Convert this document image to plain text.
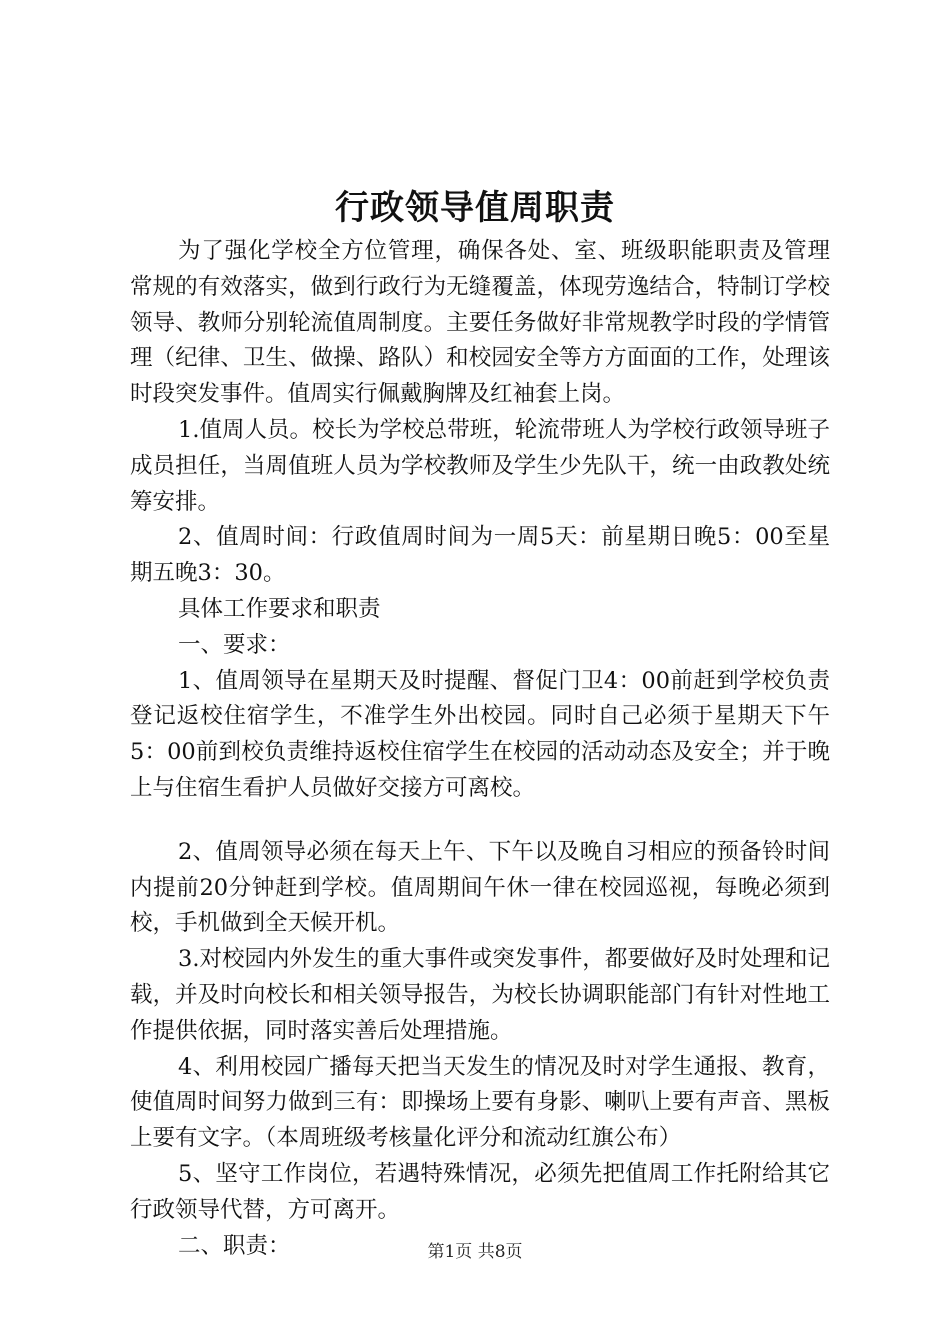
行政领导值周职责

为了强化学校全方位管理，确保各处、室、班级职能职责及管理常规的有效落实，做到行政行为无缝覆盖，体现劳逸结合，特制订学校领导、教师分别轮流值周制度。主要任务做好非常规教学时段的学情管理（纪律、卫生、做操、路队）和校园安全等方方面面的工作，处理该时段突发事件。值周实行佩戴胸牌及红袖套上岗。

1.值周人员。校长为学校总带班，轮流带班人为学校行政领导班子成员担任，当周值班人员为学校教师及学生少先队干，统一由政教处统筹安排。

2、值周时间：行政值周时间为一周5天：前星期日晚5：00至星期五晚3：30。

具体工作要求和职责

一、要求：

1、值周领导在星期天及时提醒、督促门卫4：00前赶到学校负责登记返校住宿学生，不准学生外出校园。同时自己必须于星期天下午5：00前到校负责维持返校住宿学生在校园的活动动态及安全；并于晚上与住宿生看护人员做好交接方可离校。

2、值周领导必须在每天上午、下午以及晚自习相应的预备铃时间内提前20分钟赶到学校。值周期间午休一律在校园巡视，每晚必须到校，手机做到全天候开机。

3.对校园内外发生的重大事件或突发事件，都要做好及时处理和记载，并及时向校长和相关领导报告，为校长协调职能部门有针对性地工作提供依据，同时落实善后处理措施。

4、利用校园广播每天把当天发生的情况及时对学生通报、教育，使值周时间努力做到三有：即操场上要有身影、喇叭上要有声音、黑板上要有文字。（本周班级考核量化评分和流动红旗公布）

5、坚守工作岗位，若遇特殊情况，必须先把值周工作托附给其它行政领导代替，方可离开。

二、职责：	第1页 共8页
